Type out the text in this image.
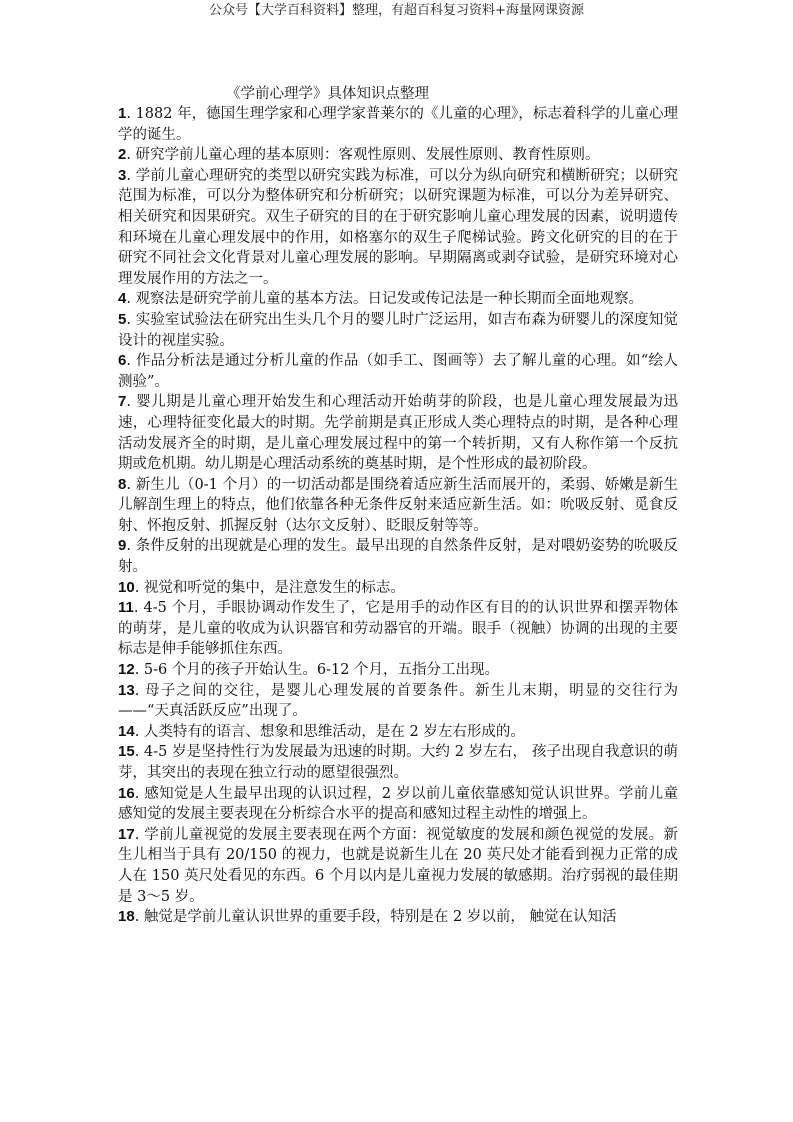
公众号【大学百科资料】整理，有超百科复习资料+海量网课资源
《学前心理学》具体知识点整理

1. 1882 年，德国生理学家和心理学家普莱尔的《儿童的心理》，标志着科学的儿童心理学的诞生。

2. 研究学前儿童心理的基本原则：客观性原则、发展性原则、教育性原则。

3. 学前儿童心理研究的类型以研究实践为标准，可以分为纵向研究和横断研究；以研究范围为标准，可以分为整体研究和分析研究；以研究课题为标准，可以分为差异研究、相关研究和因果研究。双生子研究的目的在于研究影响儿童心理发展的因素，说明遗传和环境在儿童心理发展中的作用，如格塞尔的双生子爬梯试验。跨文化研究的目的在于研究不同社会文化背景对儿童心理发展的影响。早期隔离或剥夺试验，是研究环境对心理发展作用的方法之一。

4. 观察法是研究学前儿童的基本方法。日记发或传记法是一种长期而全面地观察。

5. 实验室试验法在研究出生头几个月的婴儿时广泛运用，如吉布森为研婴儿的深度知觉设计的视崖实验。

6. 作品分析法是通过分析儿童的作品（如手工、图画等）去了解儿童的心理。如“绘人测验”。

7. 婴儿期是儿童心理开始发生和心理活动开始萌芽的阶段，也是儿童心理发展最为迅速，心理特征变化最大的时期。先学前期是真正形成人类心理特点的时期，是各种心理活动发展齐全的时期，是儿童心理发展过程中的第一个转折期，又有人称作第一个反抗期或危机期。幼儿期是心理活动系统的奠基时期，是个性形成的最初阶段。

8. 新生儿（0-1 个月）的一切活动都是围绕着适应新生活而展开的，柔弱、娇嫩是新生儿解剖生理上的特点，他们依靠各种无条件反射来适应新生活。如：吮吸反射、觅食反射、怀抱反射、抓握反射（达尔文反射）、眨眼反射等等。

9. 条件反射的出现就是心理的发生。最早出现的自然条件反射，是对喂奶姿势的吮吸反射。

10. 视觉和听觉的集中，是注意发生的标志。

11. 4-5 个月，手眼协调动作发生了，它是用手的动作区有目的的认识世界和摆弄物体的萌芽，是儿童的收成为认识器官和劳动器官的开端。眼手（视触）协调的出现的主要标志是伸手能够抓住东西。

12. 5-6 个月的孩子开始认生。6-12 个月，五指分工出现。

13. 母子之间的交往，是婴儿心理发展的首要条件。新生儿末期，明显的交往行为——“天真活跃反应”出现了。

14. 人类特有的语言、想象和思维活动，是在 2 岁左右形成的。

15. 4-5 岁是坚持性行为发展最为迅速的时期。大约 2 岁左右， 孩子出现自我意识的萌芽，其突出的表现在独立行动的愿望很强烈。

16. 感知觉是人生最早出现的认识过程，2 岁以前儿童依靠感知觉认识世界。学前儿童感知觉的发展主要表现在分析综合水平的提高和感知过程主动性的增强上。

17. 学前儿童视觉的发展主要表现在两个方面：视觉敏度的发展和颜色视觉的发展。新生儿相当于具有 20/150 的视力，也就是说新生儿在 20 英尺处才能看到视力正常的成人在 150 英尺处看见的东西。6 个月以内是儿童视力发展的敏感期。治疗弱视的最佳期是 3～5 岁。

18. 触觉是学前儿童认识世界的重要手段，特别是在 2 岁以前， 触觉在认知活
